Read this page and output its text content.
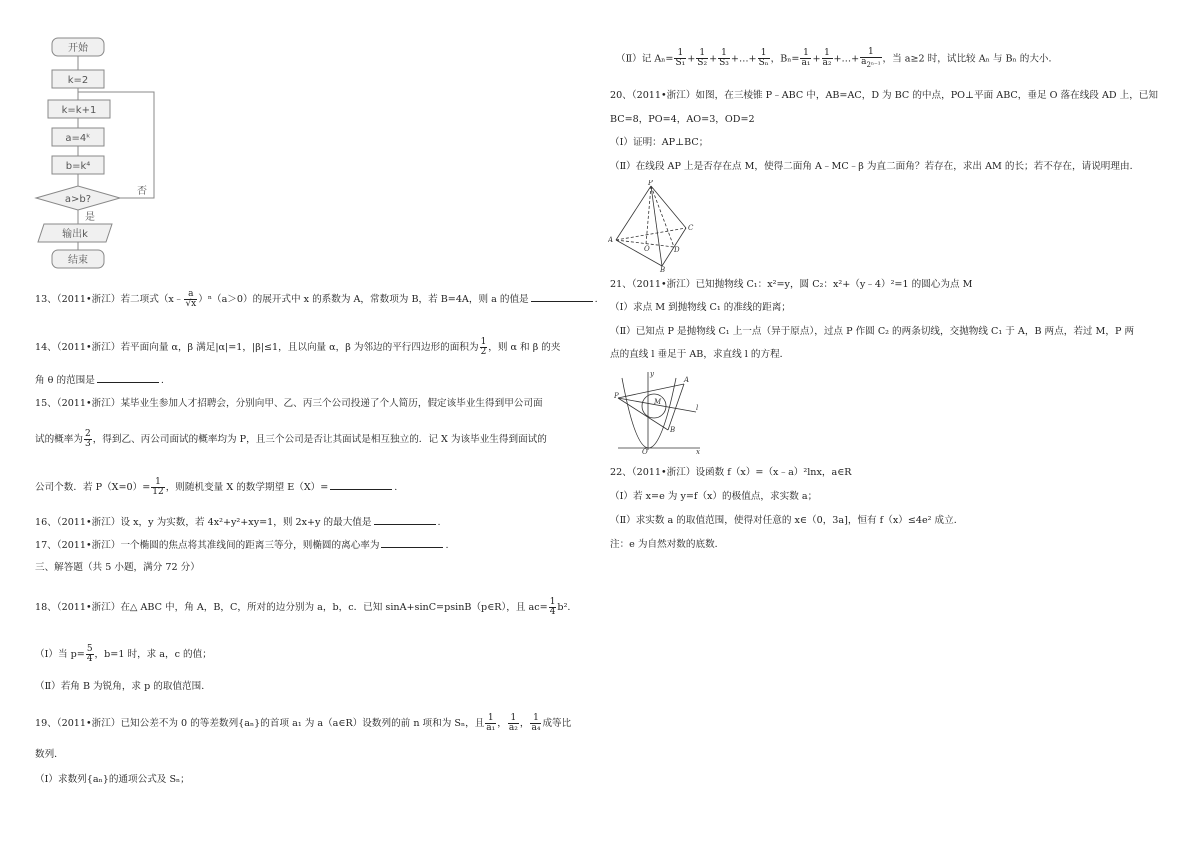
开始
k=2
k=k+1
a=4ᵏ
b=k⁴
a>b?
是
否
输出k
结束
13、（2011•浙江）若二项式（x﹣ $\frac{a}{√x} )^n(a>0)$的展开式中 x 的系数为 A，常数项为 B，若 B=4A，则 a 的值是	.
14、（2011•浙江）若平面向量 α，β 满足|α|=1，|β|≤1，且以向量 α，β 为邻边的平行四边形的面积为 $\frac{1}{2}$ ，则 α 和 β 的夹
角 θ 的范围是	.
15、（2011•浙江）某毕业生参加人才招聘会，分别向甲、乙、丙三个公司投递了个人简历，假定该毕业生得到甲公司面
试的概率为 $\frac{2}{3}$ ，得到乙、丙公司面试的概率均为 P，且三个公司是否让其面试是相互独立的．记 X 为该毕业生得到面试的
公司个数．若 $P(X=0)= \frac{1}{12}$ ，则随机变量 X 的数学期望 E（X）=	.
16、（2011•浙江）设 x，y 为实数，若 4x²+y²+xy=1，则 2x+y 的最大值是	.
17、（2011•浙江）一个椭圆的焦点将其准线间的距离三等分，则椭圆的离心率为	.
三、解答题（共 5 小题，满分 72 分）
18、（2011•浙江）在△ ABC 中，角 A，B，C，所对的边分别为 a，b，c．已知 sinA+sinC=psinB（p∈R），且 $ac= \frac{1}{4} b^2$.
（Ⅰ）当 $p= \frac{5}{4}$ ，b=1 时，求 a，c 的值；
（Ⅱ）若角 B 为锐角，求 p 的取值范围．
19、（2011•浙江）已知公差不为 0 的等差数列{aₙ}的首项 a₁ 为 a（a∈R）设数列的前 n 项和为 Sₙ，且 $\frac{1}{\text{a₁}}$ ， $\frac{1}{\text{a₂}}$ ， $\frac{1}{\text{a₄}}$ 成等比
数列．
（Ⅰ）求数列{aₙ}的通项公式及 Sₙ；
（Ⅱ）记 $A_n= \frac{1}{\text{S₁}} + \frac{1}{\text{S₂}} + \frac{1}{\text{S₃}}$ +…+ $\frac{1}{\text{Sₙ}}$ ，$B_n= \frac{1}{\text{a₁}} + \frac{1}{\text{a₂}}$ +…+ $\frac{1}{a_{2^{n-1}}}$ ，当 a≥2 时，试比较 Aₙ 与 Bₙ 的大小．
20、（2011•浙江）如图，在三棱锥 P﹣ABC 中，AB=AC，D 为 BC 的中点，PO⊥平面 ABC，垂足 O 落在线段 AD 上，已知
BC=8，PO=4，AO=3，OD=2
（Ⅰ）证明：AP⊥BC；
（Ⅱ）在线段 AP 上是否存在点 M，使得二面角 A﹣MC﹣β 为直二面角？若存在，求出 AM 的长；若不存在，请说明理由．
P
A
B
C
D
O
21、（2011•浙江）已知抛物线 C₁：x²=y，圆 C₂：x²+（y﹣4）²=1 的圆心为点 M
（Ⅰ）求点 M 到抛物线 C₁ 的准线的距离；
（Ⅱ）已知点 P 是抛物线 C₁ 上一点（异于原点），过点 P 作圆 C₂ 的两条切线，交抛物线 C₁ 于 A，B 两点，若过 M，P 两
点的直线 l 垂足于 AB，求直线 l 的方程．
y
x
O
P
A
B
M
l
22、（2011•浙江）设函数 f（x）=（x﹣a）²lnx，a∈R
（Ⅰ）若 x=e 为 y=f（x）的极值点，求实数 a；
（Ⅱ）求实数 a 的取值范围，使得对任意的 x∈（0，3a]，恒有 f（x）≤4e² 成立．
注：e 为自然对数的底数．
